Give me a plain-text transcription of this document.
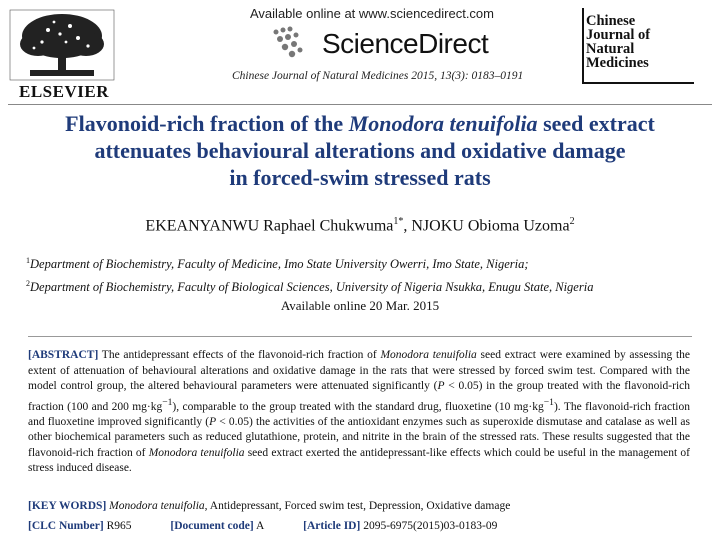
ELSEVIER
Available online at www.sciencedirect.com
ScienceDirect
Chinese Journal of Natural Medicines 2015, 13(3): 0183–0191
Chinese
Journal of
Natural
Medicines
Flavonoid-rich fraction of the Monodora tenuifolia seed extract
attenuates behavioural alterations and oxidative damage
in forced-swim stressed rats
EKEANYANWU Raphael Chukwuma$^{1*}$, NJOKU Obioma Uzoma$^2$
$^1$Department of Biochemistry, Faculty of Medicine, Imo State University Owerri, Imo State, Nigeria;
$^2$Department of Biochemistry, Faculty of Biological Sciences, University of Nigeria Nsukka, Enugu State, Nigeria
Available online 20 Mar. 2015
[ABSTRACT] The antidepressant effects of the flavonoid-rich fraction of Monodora tenuifolia seed extract were examined by assessing the extent of attenuation of behavioural alterations and oxidative damage in the rats that were stressed by forced swim test. Compared with the model control group, the altered behavioural parameters were attenuated significantly (P < 0.05) in the group treated with the flavonoid-rich fraction (100 and 200 $mg\cdot kg^{-1}$), comparable to the group treated with the standard drug, fluoxetine (10 $mg\cdot kg^{-1}$). The flavonoid-rich fraction and fluoxetine improved significantly (P < 0.05) the activities of the antioxidant enzymes such as superoxide dismutase and catalase as well as other biochemical parameters such as reduced glutathione, protein, and nitrite in the brain of the stressed rats. These results suggested that the flavonoid-rich fraction of Monodora tenuifolia seed extract exerted the antidepressant-like effects which could be useful in the management of stress induced disease.
[KEY WORDS] Monodora tenuifolia, Antidepressant, Forced swim test, Depression, Oxidative damage
[CLC Number] R965	[Document code] A	[Article ID] 2095-6975(2015)03-0183-09
